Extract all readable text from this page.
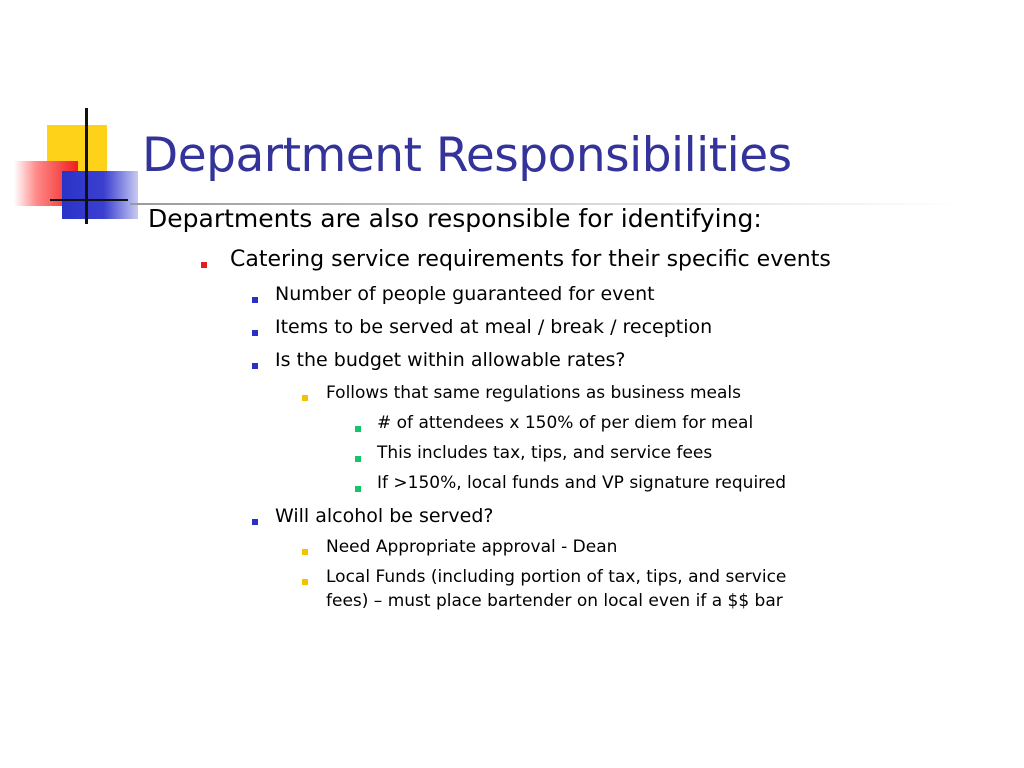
Department Responsibilities
Departments are also responsible for identifying:
Catering service requirements for their specific events
Number of people guaranteed for event
Items to be served at meal / break / reception
Is the budget within allowable rates?
Follows that same regulations as business meals
# of attendees x 150% of per diem for meal
This includes tax, tips, and service fees
If >150%, local funds and VP signature required
Will alcohol be served?
Need Appropriate approval - Dean
Local Funds (including portion of tax, tips, and service
fees) – must place bartender on local even if a $$ bar
